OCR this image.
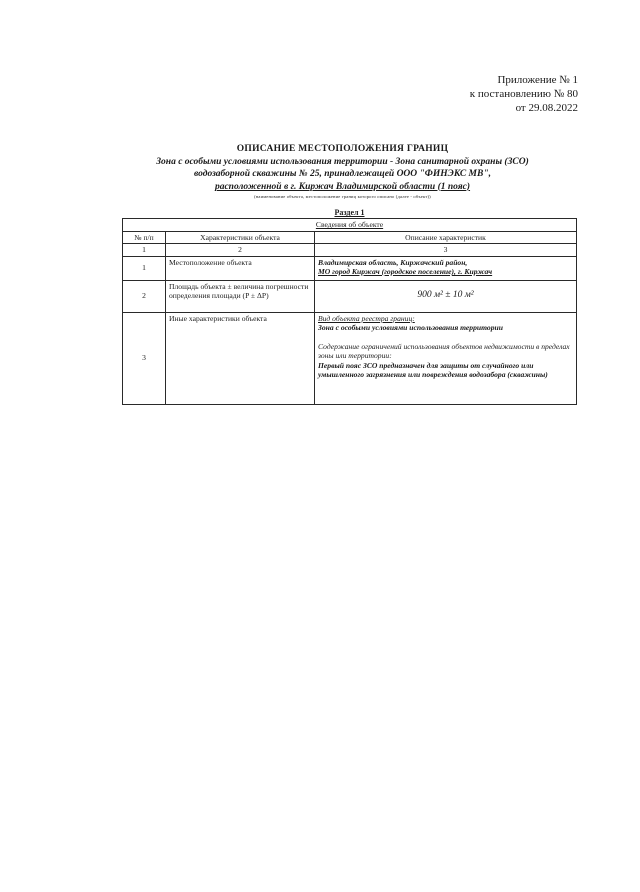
Приложение № 1
к постановлению № 80
от 29.08.2022
ОПИСАНИЕ МЕСТОПОЛОЖЕНИЯ ГРАНИЦ
Зона с особыми условиями использования территории - Зона санитарной охраны (ЗСО)
водозаборной скважины № 25, принадлежащей ООО "ФИНЭКС МВ",
расположенной в г. Киржач Владимирской области (1 пояс)
(наименование объекта, местоположение границ которого описано (далее - объект))
Раздел 1
Сведения об объекте		
№ п/п	Характеристики объекта	Описание характеристик
1	2	3
1	Местоположение объекта	Владимирская область, Киржачский район,
МО город Киржач (городское поселение), г. Киржач

2	Площадь объекта ± величина погрешности определения площади (P ± ΔP)	900 м² ± 10 м²
3	Иные характеристики объекта	Вид объекта реестра границ:
Зона с особыми условиями использования территории
Содержание ограничений использования объектов недвижимости в пределах зоны или территории:
Первый пояс ЗСО предназначен для защиты от случайного или умышленного загрязнения или повреждения водозабора (скважины)
